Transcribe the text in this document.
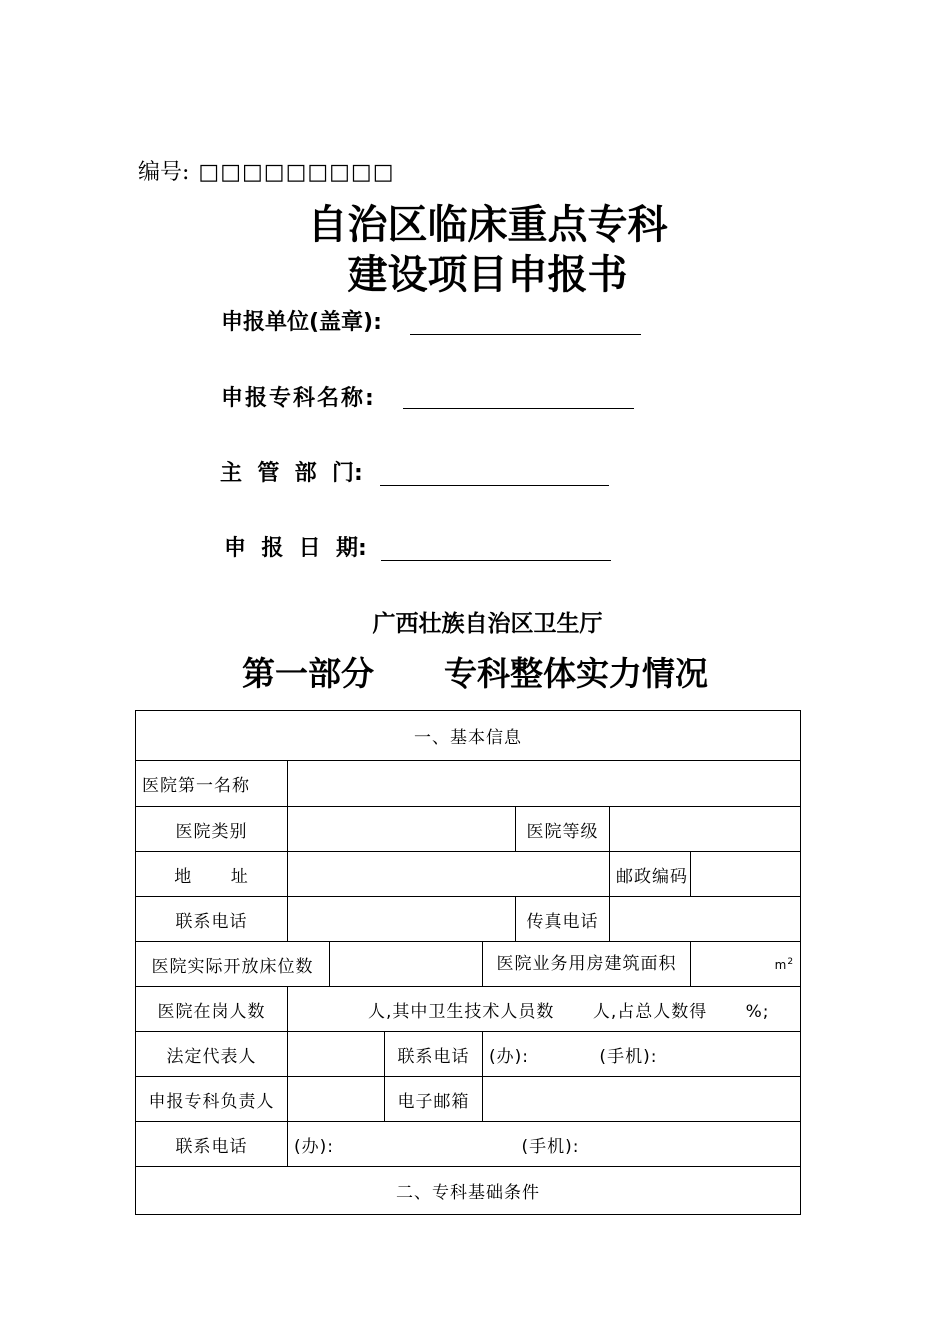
编号: □□□□□□□□□
自治区临床重点专科
建设项目申报书
申报单位(盖章):
申报专科名称:
主  管  部  门:
申  报  日  期:
广西壮族自治区卫生厅
第一部分 专科整体实力情况
一、基本信息							
医院第一名称							
医院类别					医院等级		
地      址						邮政编码	
联系电话					传真电话		
医院实际开放床位数				医院业务用房建筑面积			$m^2$
医院在岗人数	人,其中卫生技术人员数      人,占总人数得      %;						
法定代表人			联系电话	(办):           (手机):			
申报专科负责人			电子邮箱				
联系电话	(办):				(手机):		
二、专科基础条件							
